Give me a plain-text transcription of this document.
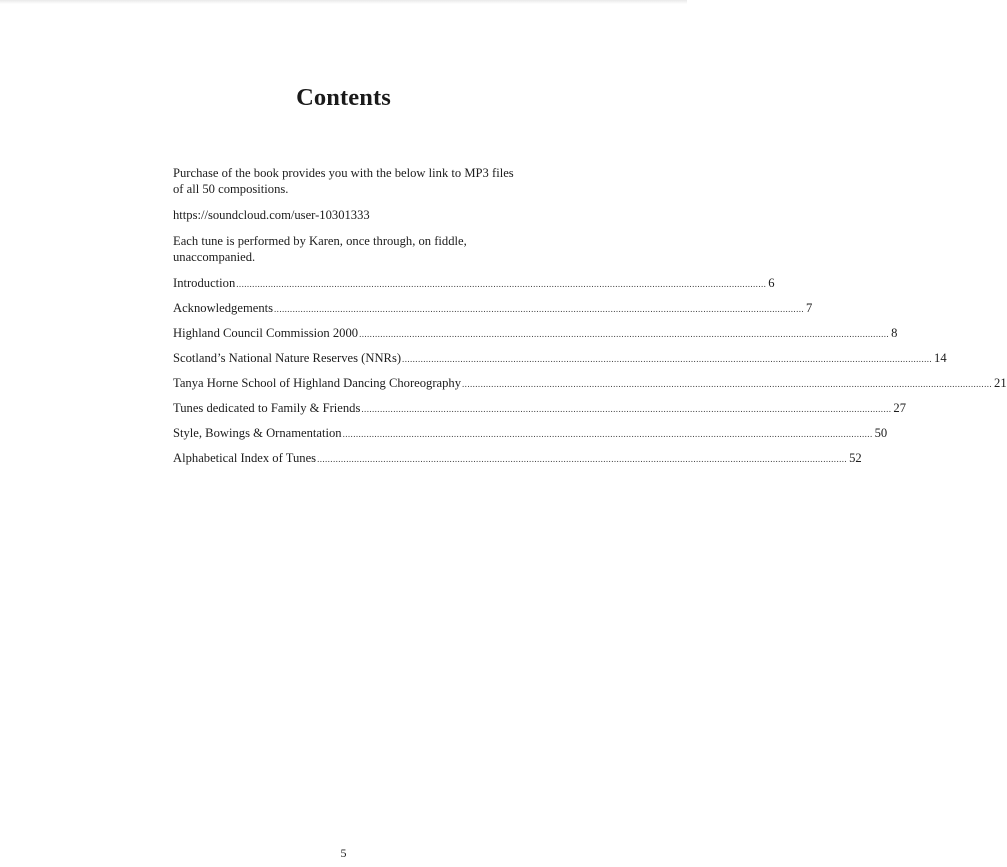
Contents

Purchase of the book provides you with the below link to MP3 files of all 50 compositions.

https://soundcloud.com/user-10301333

Each tune is performed by Karen, once through, on fiddle, unaccompanied.

Introduction ........................................................................................................................................................................................................ 6
Acknowledgements ........................................................................................................................................................................................................ 7
Highland Council Commission 2000 ........................................................................................................................................................................................................ 8
Scotland’s National Nature Reserves (NNRs) ........................................................................................................................................................................................................ 14
Tanya Horne School of Highland Dancing Choreography ........................................................................................................................................................................................................ 21
Tunes dedicated to Family & Friends ........................................................................................................................................................................................................ 27
Style, Bowings & Ornamentation ........................................................................................................................................................................................................ 50
Alphabetical Index of Tunes ........................................................................................................................................................................................................ 52
5
